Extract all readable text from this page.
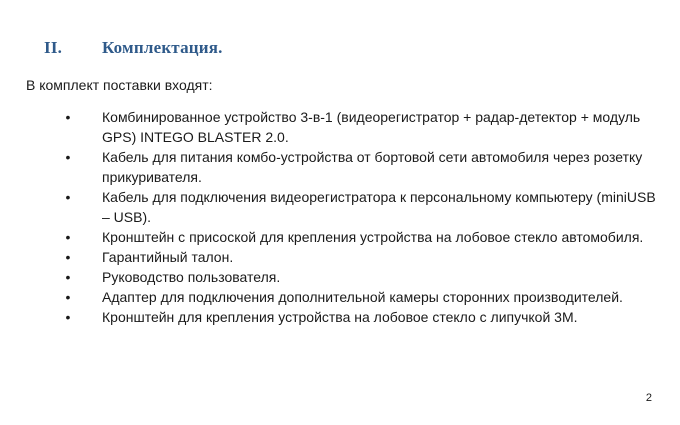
II. Комплектация.
В комплект поставки входят:
• Комбинированное устройство 3-в-1 (видеорегистратор + радар-детектор + модуль GPS) INTEGO BLASTER 2.0.
• Кабель для питания комбо-устройства от бортовой сети автомобиля через розетку прикуривателя.
• Кабель для подключения видеорегистратора к персональному компьютеру (miniUSB – USB).
• Кронштейн с присоской для крепления устройства на лобовое стекло автомобиля.
• Гарантийный талон.
• Руководство пользователя.
• Адаптер для подключения дополнительной камеры сторонних производителей.
• Кронштейн для крепления устройства на лобовое стекло с липучкой 3М.
2
